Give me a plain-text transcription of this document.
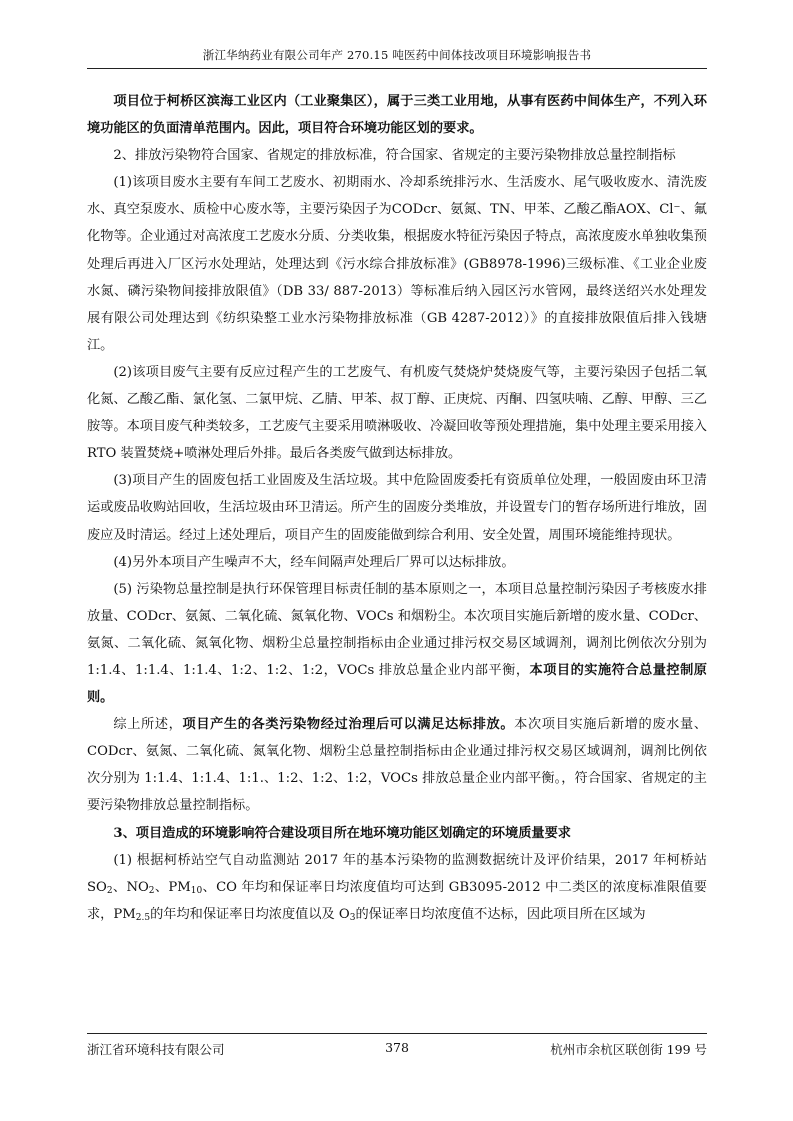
浙江华纳药业有限公司年产 270.15 吨医药中间体技改项目环境影响报告书

项目位于柯桥区滨海工业区内（工业聚集区），属于三类工业用地，从事有医药中间体生产，不列入环境功能区的负面清单范围内。因此，项目符合环境功能区划的要求。

2、排放污染物符合国家、省规定的排放标准，符合国家、省规定的主要污染物排放总量控制指标

(1)该项目废水主要有车间工艺废水、初期雨水、冷却系统排污水、生活废水、尾气吸收废水、清洗废水、真空泵废水、质检中心废水等，主要污染因子为CODcr、氨氮、TN、甲苯、乙酸乙酯AOX、Cl⁻、氟化物等。企业通过对高浓度工艺废水分质、分类收集，根据废水特征污染因子特点，高浓度废水单独收集预处理后再进入厂区污水处理站，处理达到《污水综合排放标准》(GB8978-1996)三级标准、《工业企业废水氮、磷污染物间接排放限值》（DB 33/ 887-2013）等标准后纳入园区污水管网，最终送绍兴水处理发展有限公司处理达到《纺织染整工业水污染物排放标准（GB 4287-2012）》的直接排放限值后排入钱塘江。

(2)该项目废气主要有反应过程产生的工艺废气、有机废气焚烧炉焚烧废气等，主要污染因子包括二氧化氮、乙酸乙酯、氯化氢、二氯甲烷、乙腈、甲苯、叔丁醇、正庚烷、丙酮、四氢呋喃、乙醇、甲醇、三乙胺等。本项目废气种类较多，工艺废气主要采用喷淋吸收、冷凝回收等预处理措施，集中处理主要采用接入 RTO 装置焚烧+喷淋处理后外排。最后各类废气做到达标排放。

(3)项目产生的固废包括工业固废及生活垃圾。其中危险固废委托有资质单位处理，一般固废由环卫清运或废品收购站回收，生活垃圾由环卫清运。所产生的固废分类堆放，并设置专门的暂存场所进行堆放，固废应及时清运。经过上述处理后，项目产生的固废能做到综合利用、安全处置，周围环境能维持现状。

(4)另外本项目产生噪声不大，经车间隔声处理后厂界可以达标排放。

(5) 污染物总量控制是执行环保管理目标责任制的基本原则之一，本项目总量控制污染因子考核废水排放量、CODcr、氨氮、二氧化硫、氮氧化物、VOCs 和烟粉尘。本次项目实施后新增的废水量、CODcr、氨氮、二氧化硫、氮氧化物、烟粉尘总量控制指标由企业通过排污权交易区域调剂，调剂比例依次分别为 1:1.4、1:1.4、1:1.4、1:2、1:2、1:2，VOCs 排放总量企业内部平衡，本项目的实施符合总量控制原则。

综上所述，项目产生的各类污染物经过治理后可以满足达标排放。本次项目实施后新增的废水量、CODcr、氨氮、二氧化硫、氮氧化物、烟粉尘总量控制指标由企业通过排污权交易区域调剂，调剂比例依次分别为 1:1.4、1:1.4、1:1.、1:2、1:2、1:2，VOCs 排放总量企业内部平衡。，符合国家、省规定的主要污染物排放总量控制指标。

3、项目造成的环境影响符合建设项目所在地环境功能区划确定的环境质量要求

(1) 根据柯桥站空气自动监测站 2017 年的基本污染物的监测数据统计及评价结果，2017 年柯桥站 $SO_2$、$NO_2$、$PM_{10}$、CO 年均和保证率日均浓度值均可达到 GB3095-2012 中二类区的浓度标准限值要求，$PM_{2.5}$的年均和保证率日均浓度值以及 $O_3$的保证率日均浓度值不达标，因此项目所在区域为

浙江省环境科技有限公司	378	杭州市余杭区联创街 199 号
